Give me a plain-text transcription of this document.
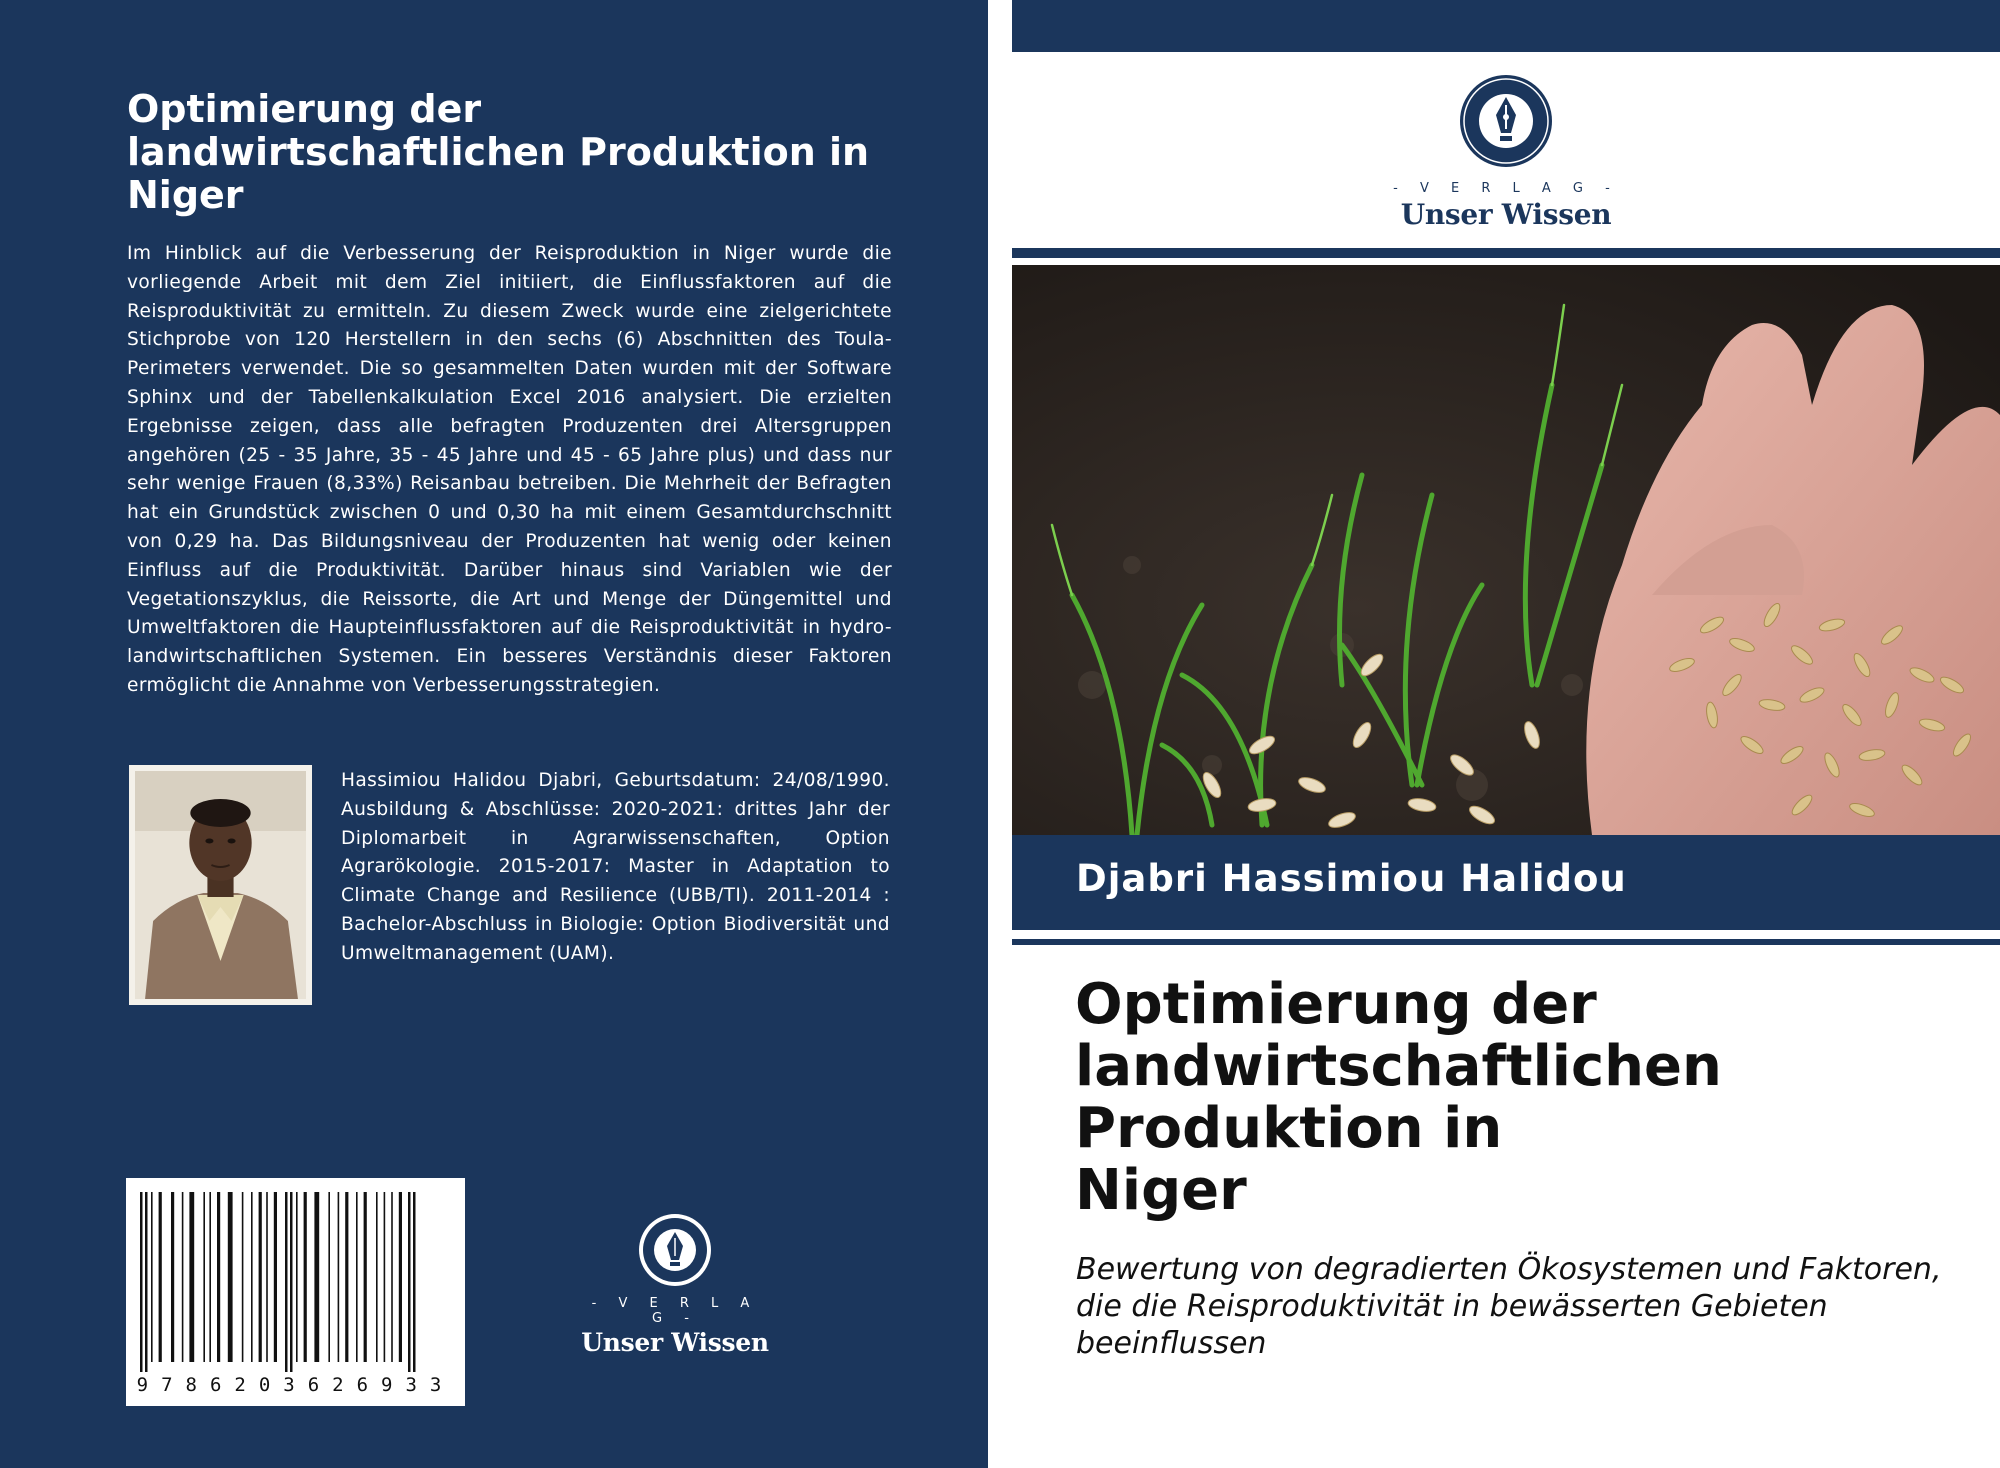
Optimierung der landwirtschaftlichen Produktion in Niger

Im Hinblick auf die Verbesserung der Reisproduktion in Niger wurde die vorliegende Arbeit mit dem Ziel initiiert, die Einflussfaktoren auf die Reisproduktivität zu ermitteln. Zu diesem Zweck wurde eine zielgerichtete Stichprobe von 120 Herstellern in den sechs (6) Abschnitten des Toula-Perimeters verwendet. Die so gesammelten Daten wurden mit der Software Sphinx und der Tabellenkalkulation Excel 2016 analysiert. Die erzielten Ergebnisse zeigen, dass alle befragten Produzenten drei Altersgruppen angehören (25 - 35 Jahre, 35 - 45 Jahre und 45 - 65 Jahre plus) und dass nur sehr wenige Frauen (8,33%) Reisanbau betreiben. Die Mehrheit der Befragten hat ein Grundstück zwischen 0 und 0,30 ha mit einem Gesamtdurchschnitt von 0,29 ha. Das Bildungsniveau der Produzenten hat wenig oder keinen Einfluss auf die Produktivität. Darüber hinaus sind Variablen wie der Vegetationszyklus, die Reissorte, die Art und Menge der Düngemittel und Umweltfaktoren die Haupteinflussfaktoren auf die Reisproduktivität in hydro-landwirtschaftlichen Systemen. Ein besseres Verständnis dieser Faktoren ermöglicht die Annahme von Verbesserungsstrategien.

Hassimiou Halidou Djabri, Geburtsdatum: 24/08/1990. Ausbildung & Abschlüsse: 2020-2021: drittes Jahr der Diplomarbeit in Agrarwissenschaften, Option Agrarökologie. 2015-2017: Master in Adaptation to Climate Change and Resilience (UBB/TI). 2011-2014 : Bachelor-Abschluss in Biologie: Option Biodiversität und Umweltmanagement (UAM).

9786203626933
- V E R L A G -
Unser Wissen
- V E R L A G -
Unser Wissen

Djabri Hassimiou Halidou

Optimierung der
landwirtschaftlichen
Produktion in
Niger

Bewertung von degradierten Ökosystemen und Faktoren, die die Reisproduktivität in bewässerten Gebieten beeinflussen
